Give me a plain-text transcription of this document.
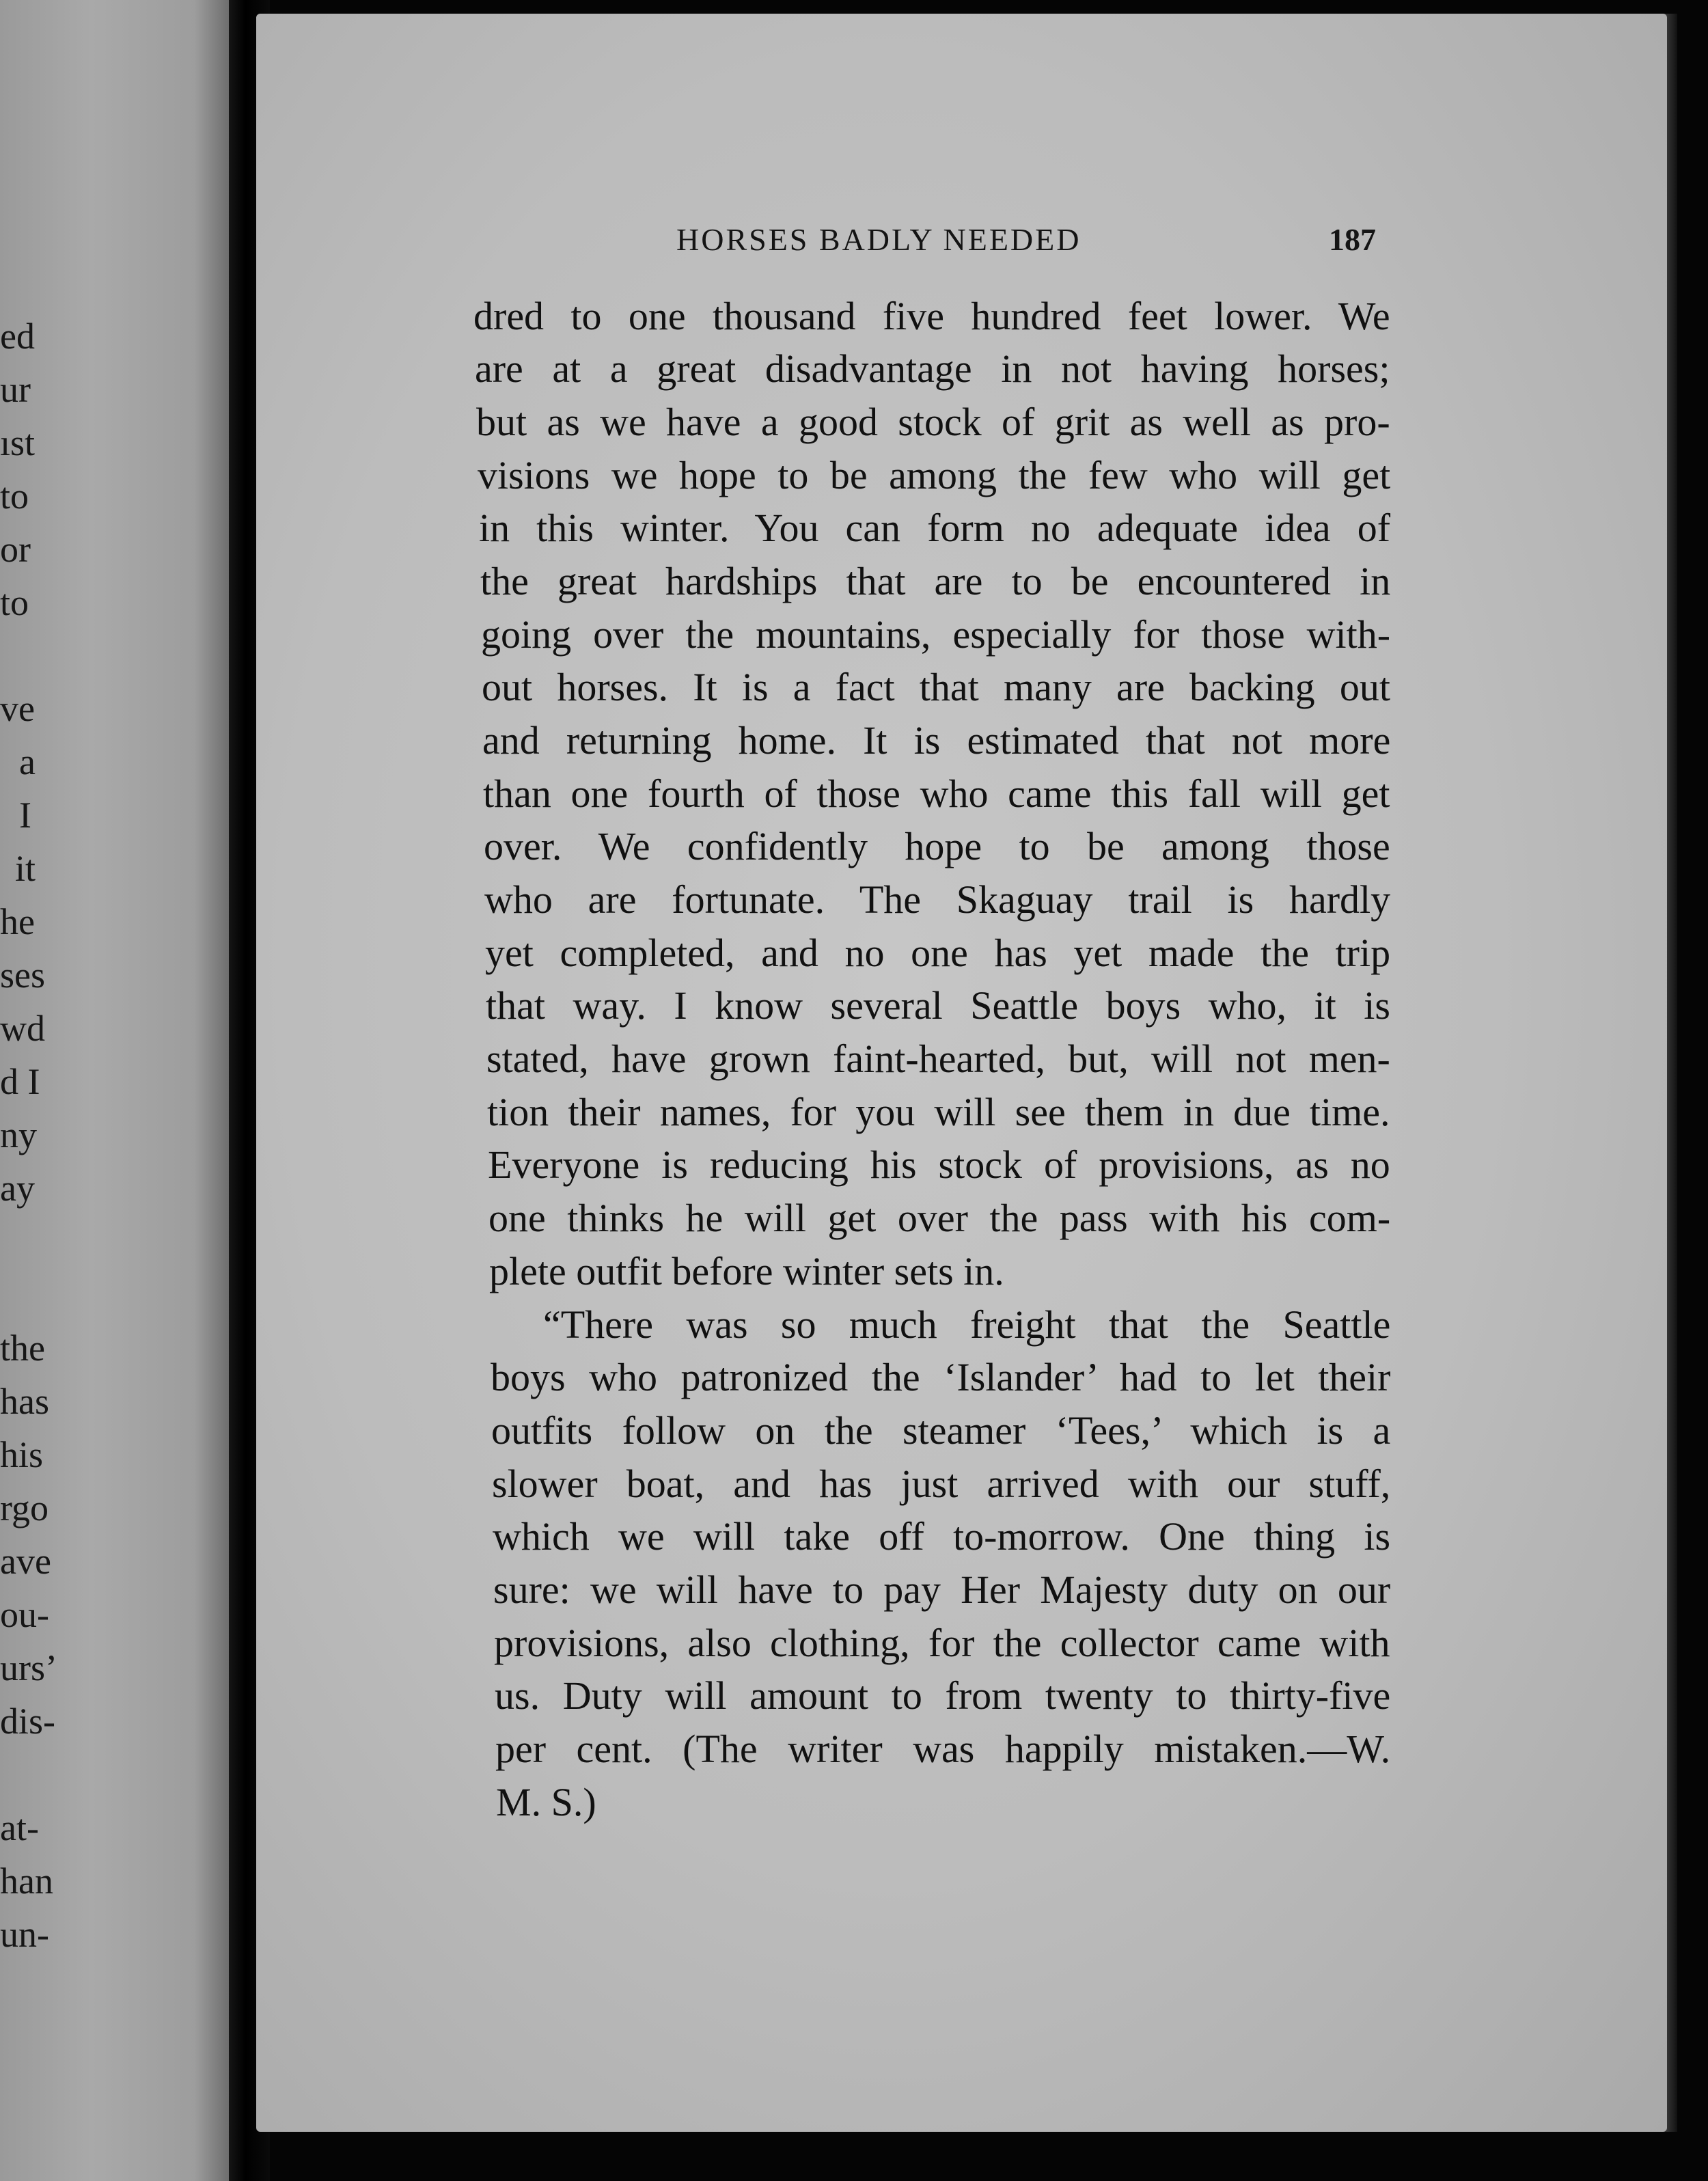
ed
ur
ıst
to
or
to
ve
a
I
it
he
ses
wd
d I
ny
ay
the
has
his
rgo
ave
ou-
urs’
dis-
at-
han
un-
HORSES BADLY NEEDED	187
dred to one thousand five hundred feet lower. We
are at a great disadvantage in not having horses;
but as we have a good stock of grit as well as pro-
visions we hope to be among the few who will get
in this winter. You can form no adequate idea of
the great hardships that are to be encountered in
going over the mountains, especially for those with-
out horses. It is a fact that many are backing out
and returning home. It is estimated that not more
than one fourth of those who came this fall will get
over. We confidently hope to be among those
who are fortunate. The Skaguay trail is hardly
yet completed, and no one has yet made the trip
that way. I know several Seattle boys who, it is
stated, have grown faint-hearted, but, will not men-
tion their names, for you will see them in due time.
Everyone is reducing his stock of provisions, as no
one thinks he will get over the pass with his com-
plete outfit before winter sets in.
“There was so much freight that the Seattle
boys who patronized the ‘Islander’ had to let their
outfits follow on the steamer ‘Tees,’ which is a
slower boat, and has just arrived with our stuff,
which we will take off to-morrow. One thing is
sure: we will have to pay Her Majesty duty on our
provisions, also clothing, for the collector came with
us. Duty will amount to from twenty to thirty-five
per cent. (The writer was happily mistaken.—W.
M. S.)
